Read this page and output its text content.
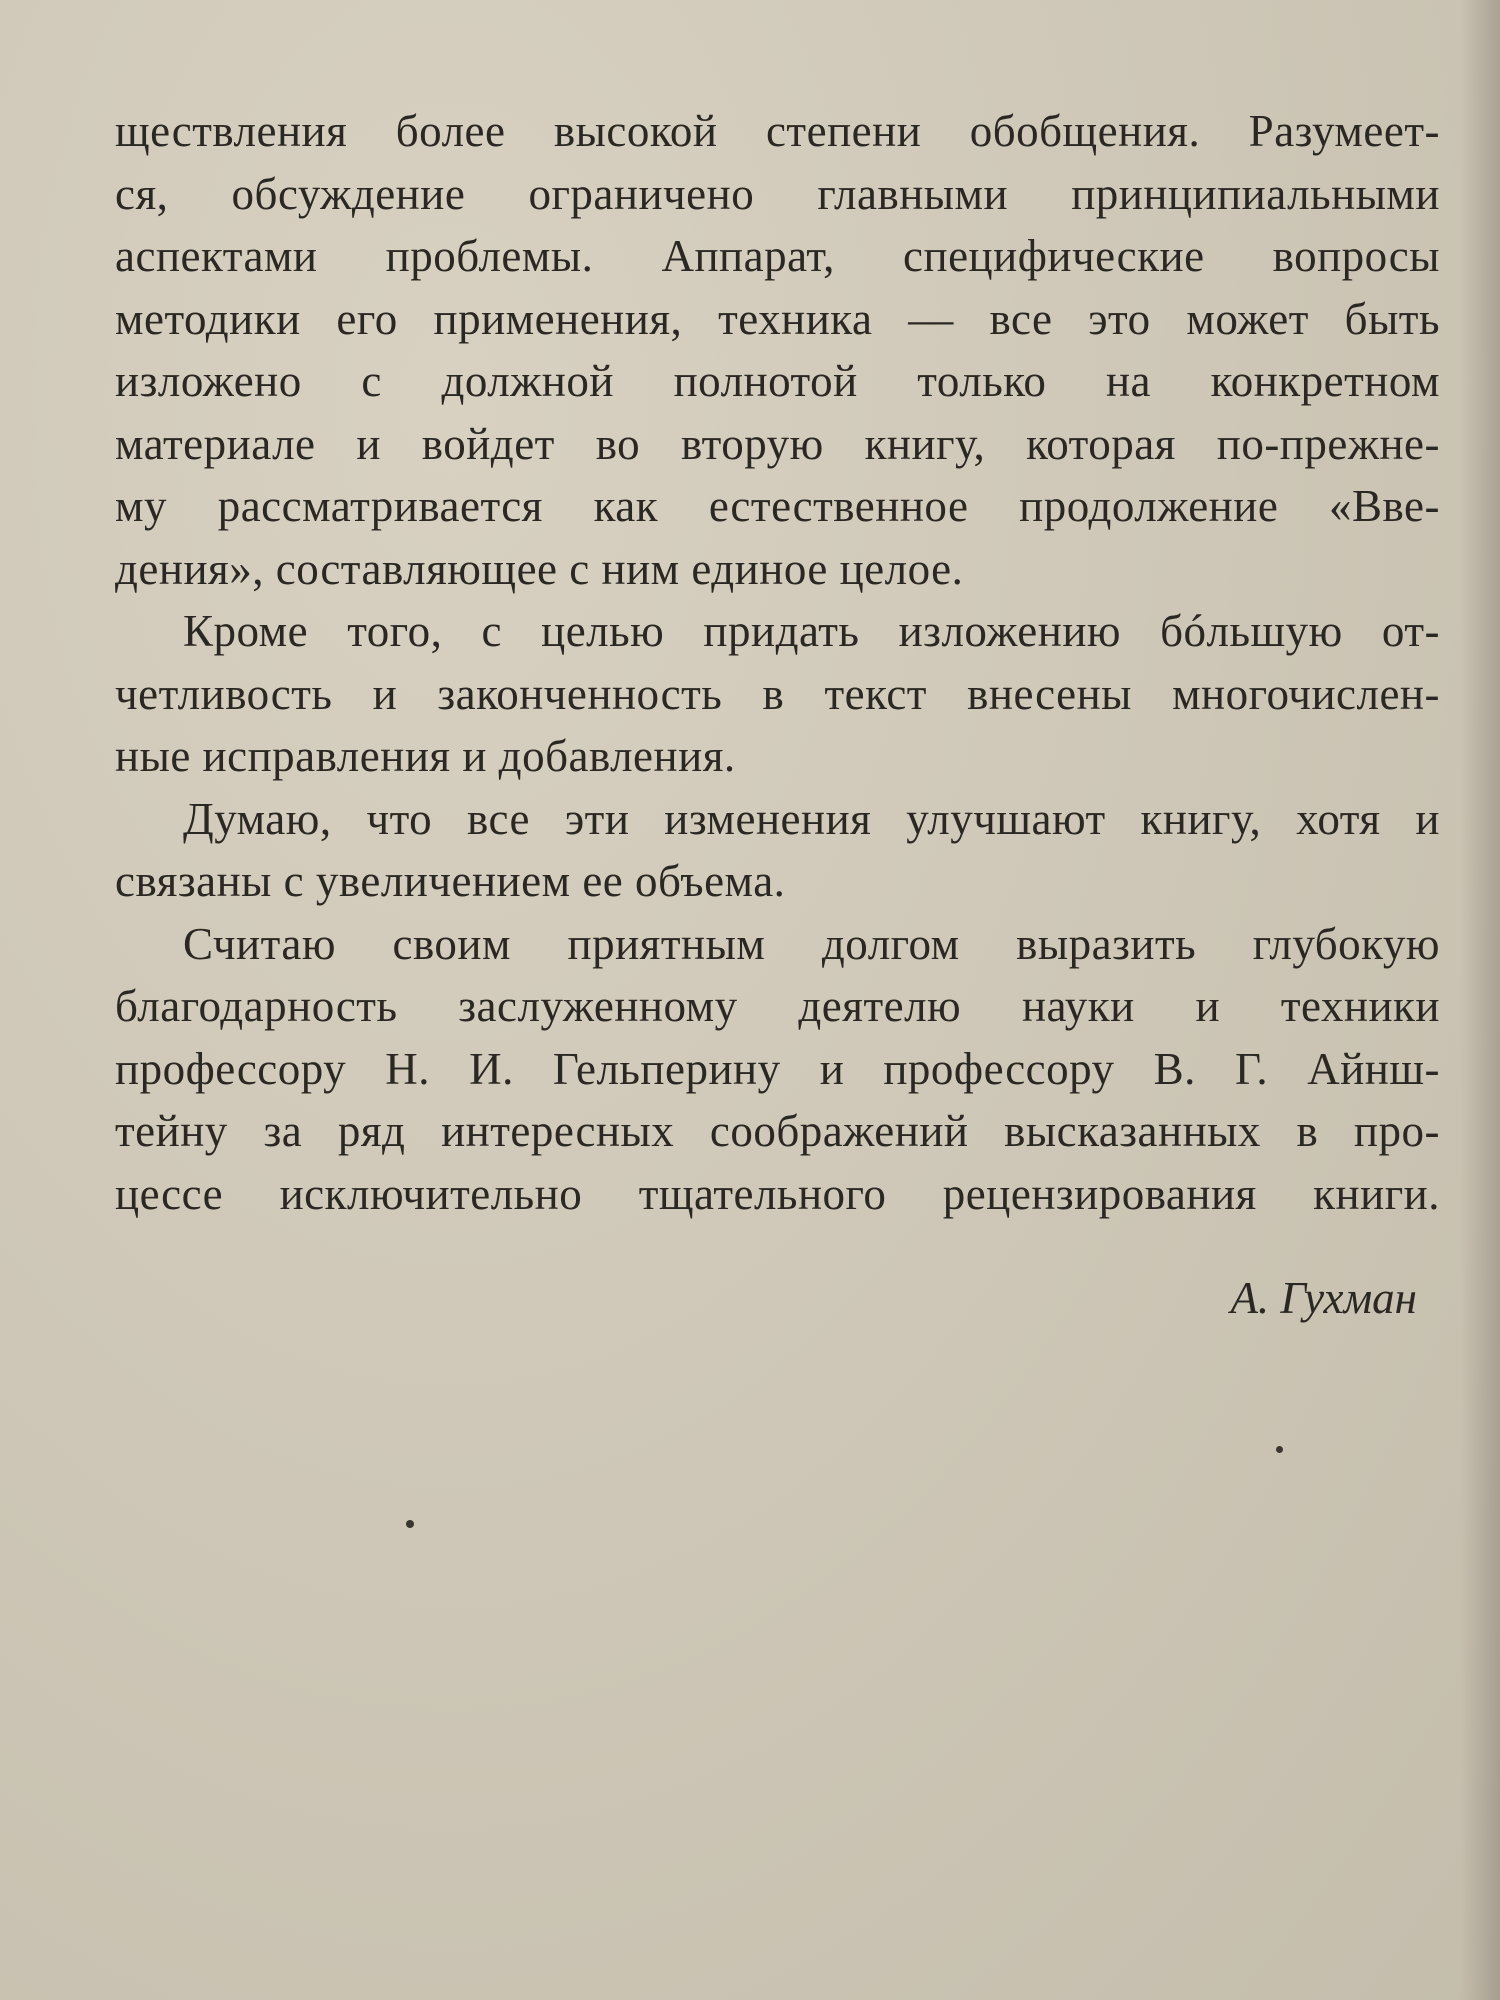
ществления более высокой степени обобщения. Разумеет-
ся, обсуждение ограничено главными принципиальными
аспектами проблемы. Аппарат, специфические вопросы
методики его применения, техника — все это может быть
изложено с должной полнотой только на конкретном
материале и войдет во вторую книгу, которая по-прежне-
му рассматривается как естественное продолжение «Вве-
дения», составляющее с ним единое целое.
Кроме того, с целью придать изложению бóльшую от-
четливость и законченность в текст внесены многочислен-
ные исправления и добавления.
Думаю, что все эти изменения улучшают книгу, хотя и
связаны с увеличением ее объема.
Считаю своим приятным долгом выразить глубокую
благодарность заслуженному деятелю науки и техники
профессору Н. И. Гельперину и профессору В. Г. Айнш-
тейну за ряд интересных соображений высказанных в про-
цессе исключительно тщательного рецензирования книги.
А. Гухман
